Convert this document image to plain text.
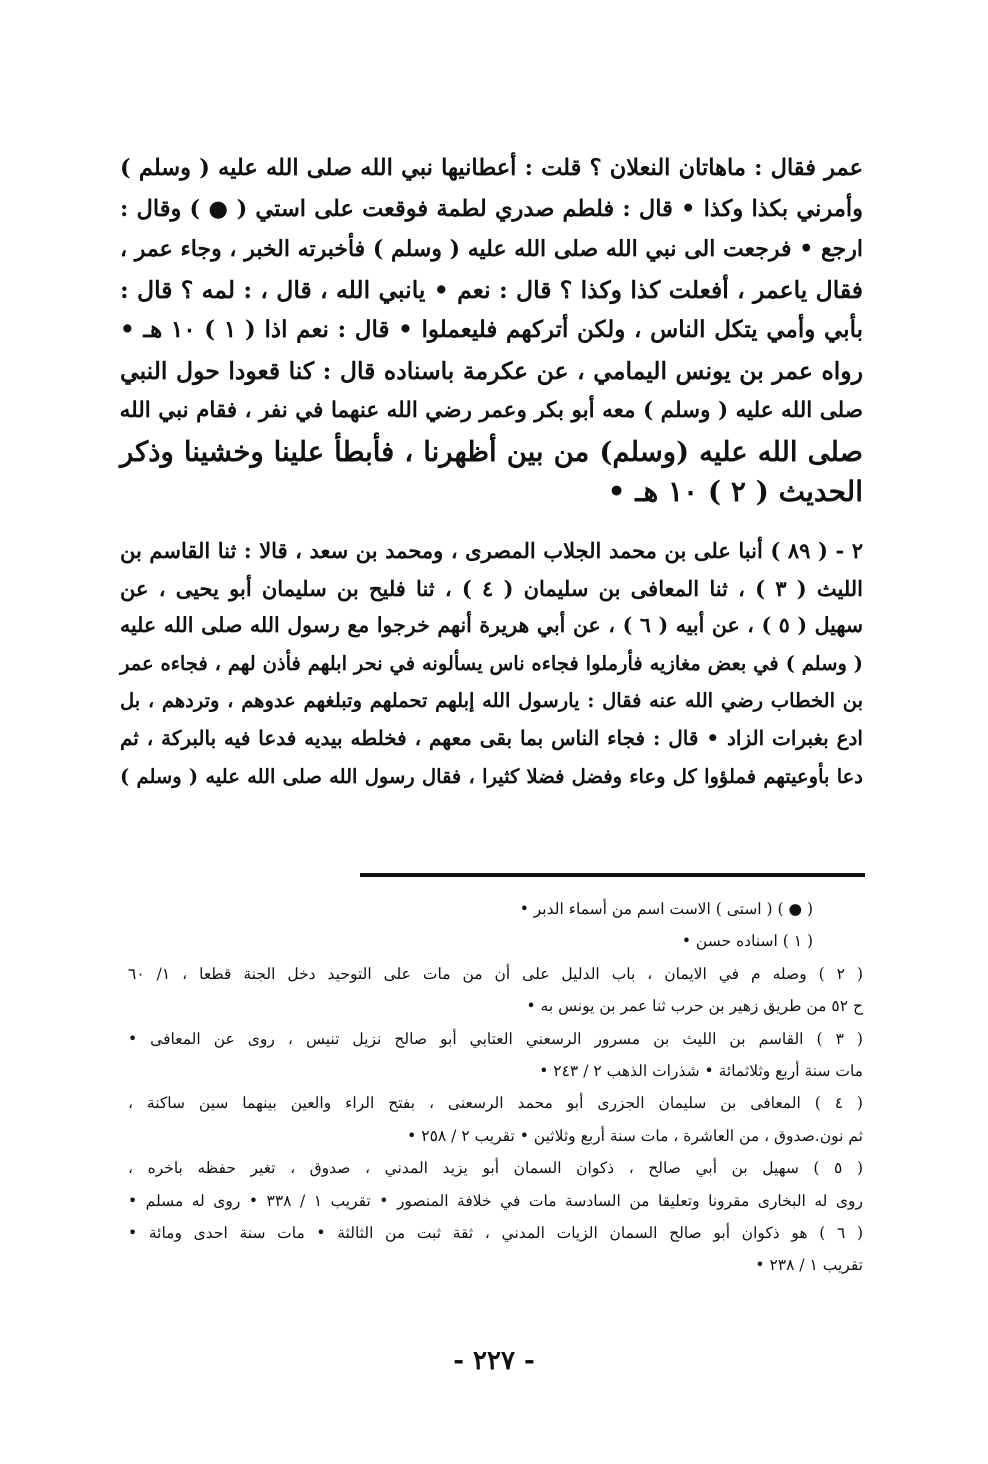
عمر فقال : ماهاتان النعلان ؟ قلت : أعطانيها نبي الله صلى الله عليه ( وسلم )
وأمرني بكذا وكذا • قال : فلطم صدري لطمة فوقعت على استي ( ● ) وقال :
ارجع • فرجعت الى نبي الله صلى الله عليه ( وسلم ) فأخبرته الخبر ، وجاء عمر ،
فقال ياعمر ، أفعلت كذا وكذا ؟ قال : نعم • يانبي الله ، قال ، : لمه ؟ قال :
بأبي وأمي يتكل الناس ، ولكن أتركهم فليعملوا • قال : نعم اذا ( ١ ) ١٠ هـ •
رواه عمر بن يونس اليمامي ، عن عكرمة باسناده قال : كنا قعودا حول النبي
صلى الله عليه ( وسلم ) معه أبو بكر وعمر رضي الله عنهما في نفر ، فقام نبي الله
صلى الله عليه (وسلم) من بين أظهرنا ، فأبطأ علينا وخشينا وذكر
الحديث ( ٢ ) ١٠ هـ •
٢ - ( ٨٩ ) أنبا على بن محمد الجلاب المصرى ، ومحمد بن سعد ، قالا : ثنا القاسم بن
الليث ( ٣ ) ، ثنا المعافى بن سليمان ( ٤ ) ، ثنا فليح بن سليمان أبو يحيى ، عن
سهيل ( ٥ ) ، عن أبيه ( ٦ ) ، عن أبي هريرة أنهم خرجوا مع رسول الله صلى الله عليه
( وسلم ) في بعض مغازيه فأرملوا فجاءه ناس يسألونه في نحر ابلهم فأذن لهم ، فجاءه عمر
بن الخطاب رضي الله عنه فقال : يارسول الله إبلهم تحملهم وتبلغهم عدوهم ، وتردهم ، بل
ادع بغبرات الزاد • قال : فجاء الناس بما بقى معهم ، فخلطه بيديه فدعا فيه بالبركة ، ثم
دعا بأوعيتهم فملؤوا كل وعاء وفضل فضلا كثيرا ، فقال رسول الله صلى الله عليه ( وسلم )
( ● ) ( استى ) الاست اسم من أسماء الدبر •
( ١ ) اسناده حسن •
( ٢ ) وصله م في الايمان ، باب الدليل على أن من مات على التوحيد دخل الجنة قطعا ، ١/ ٦٠
ح ٥٢ من طريق زهير بن حرب ثنا عمر بن يونس به •
( ٣ ) القاسم بن الليث بن مسرور الرسعني العتابي أبو صالح نزيل تنيس ، روى عن المعافى •
مات سنة أربع وثلاثمائة • شذرات الذهب ٢ / ٢٤٣ •
( ٤ ) المعافى بن سليمان الجزرى أبو محمد الرسعنى ، بفتح الراء والعين بينهما سين ساكنة ،
ثم نون.صدوق ، من العاشرة ، مات سنة أربع وثلاثين • تقريب ٢ / ٢٥٨ •
( ٥ ) سهيل بن أبي صالح ، ذكوان السمان أبو يزيد المدني ، صدوق ، تغير حفظه باخره ،
روى له البخارى مقرونا وتعليقا من السادسة مات في خلافة المنصور • تقريب ١ / ٣٣٨ • روى له مسلم •
( ٦ ) هو ذكوان أبو صالح السمان الزيات المدني ، ثقة ثبت من الثالثة • مات سنة احدى ومائة •
تقريب ١ / ٢٣٨ •
- ٢٢٧ -
